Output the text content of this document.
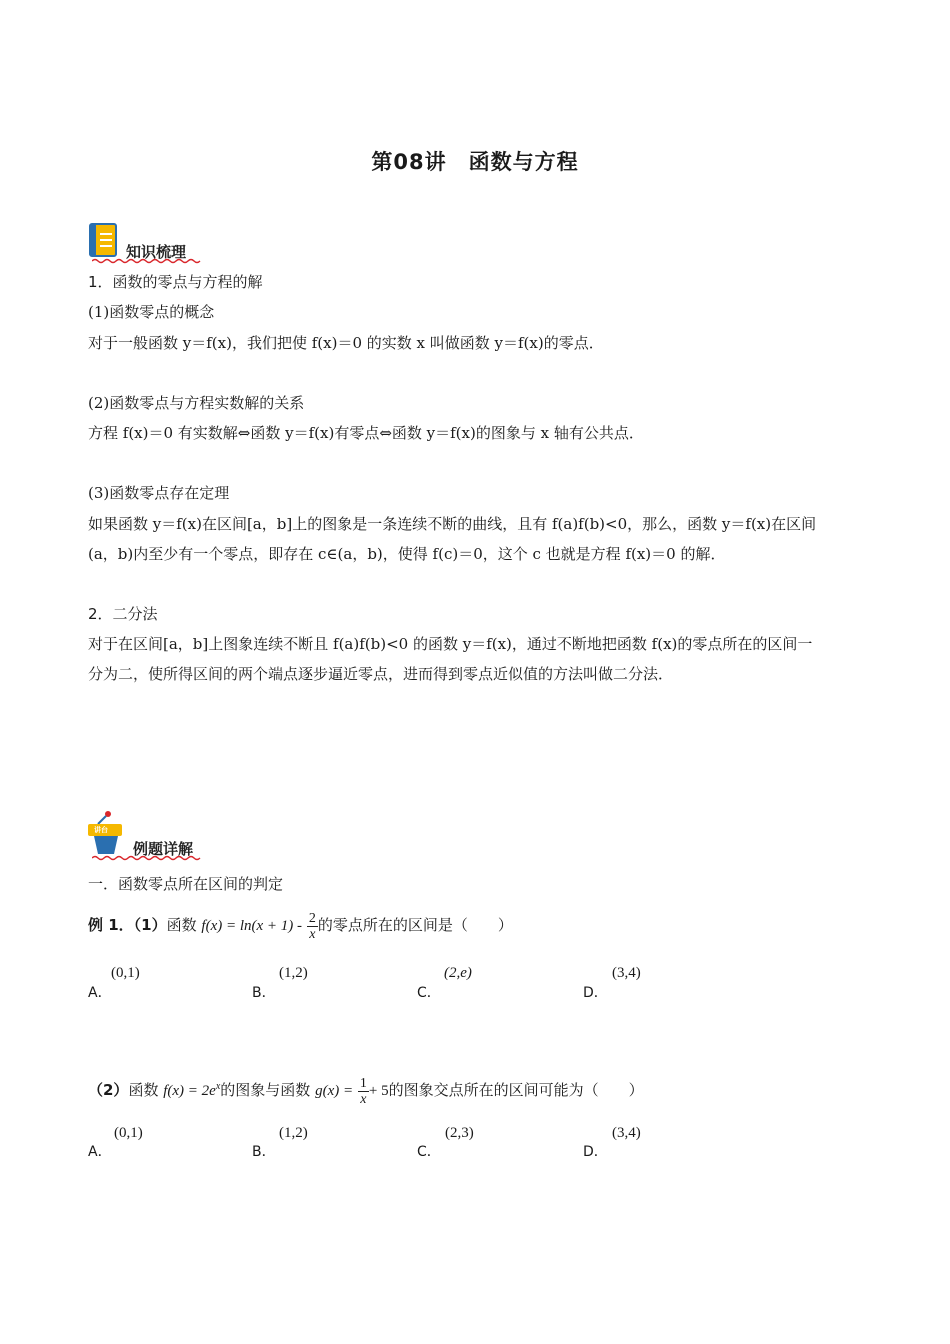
第08讲　函数与方程
知识梳理
1．函数的零点与方程的解
(1)函数零点的概念
对于一般函数 y＝f(x)，我们把使 f(x)＝0 的实数 x 叫做函数 y＝f(x)的零点．
(2)函数零点与方程实数解的关系
方程 f(x)＝0 有实数解⇔函数 y＝f(x)有零点⇔函数 y＝f(x)的图象与 x 轴有公共点．
(3)函数零点存在定理
如果函数 y＝f(x)在区间[a，b]上的图象是一条连续不断的曲线，且有 f(a)f(b)<0，那么，函数 y＝f(x)在区间
(a，b)内至少有一个零点，即存在 c∈(a，b)，使得 f(c)＝0，这个 c 也就是方程 f(x)＝0 的解．
2．二分法
对于在区间[a，b]上图象连续不断且 f(a)f(b)<0 的函数 y＝f(x)，通过不断地把函数 f(x)的零点所在的区间一
分为二，使所得区间的两个端点逐步逼近零点，进而得到零点近似值的方法叫做二分法．
讲台
例题详解
一．函数零点所在区间的判定
例 1．（1）函数 $f(x) = \ln(x + 1) - \frac{2}{x}$ 的零点所在的区间是（　　）
A．
(0,1)
B．
(1,2)
C．
(2,e)
D．
(3,4)
（2）函数 $f(x) = 2e^x$的图象与函数 $g(x) = \frac{1}{x} + 5$的图象交点所在的区间可能为（　　）
A．
(0,1)
B．
(1,2)
C．
(2,3)
D．
(3,4)
